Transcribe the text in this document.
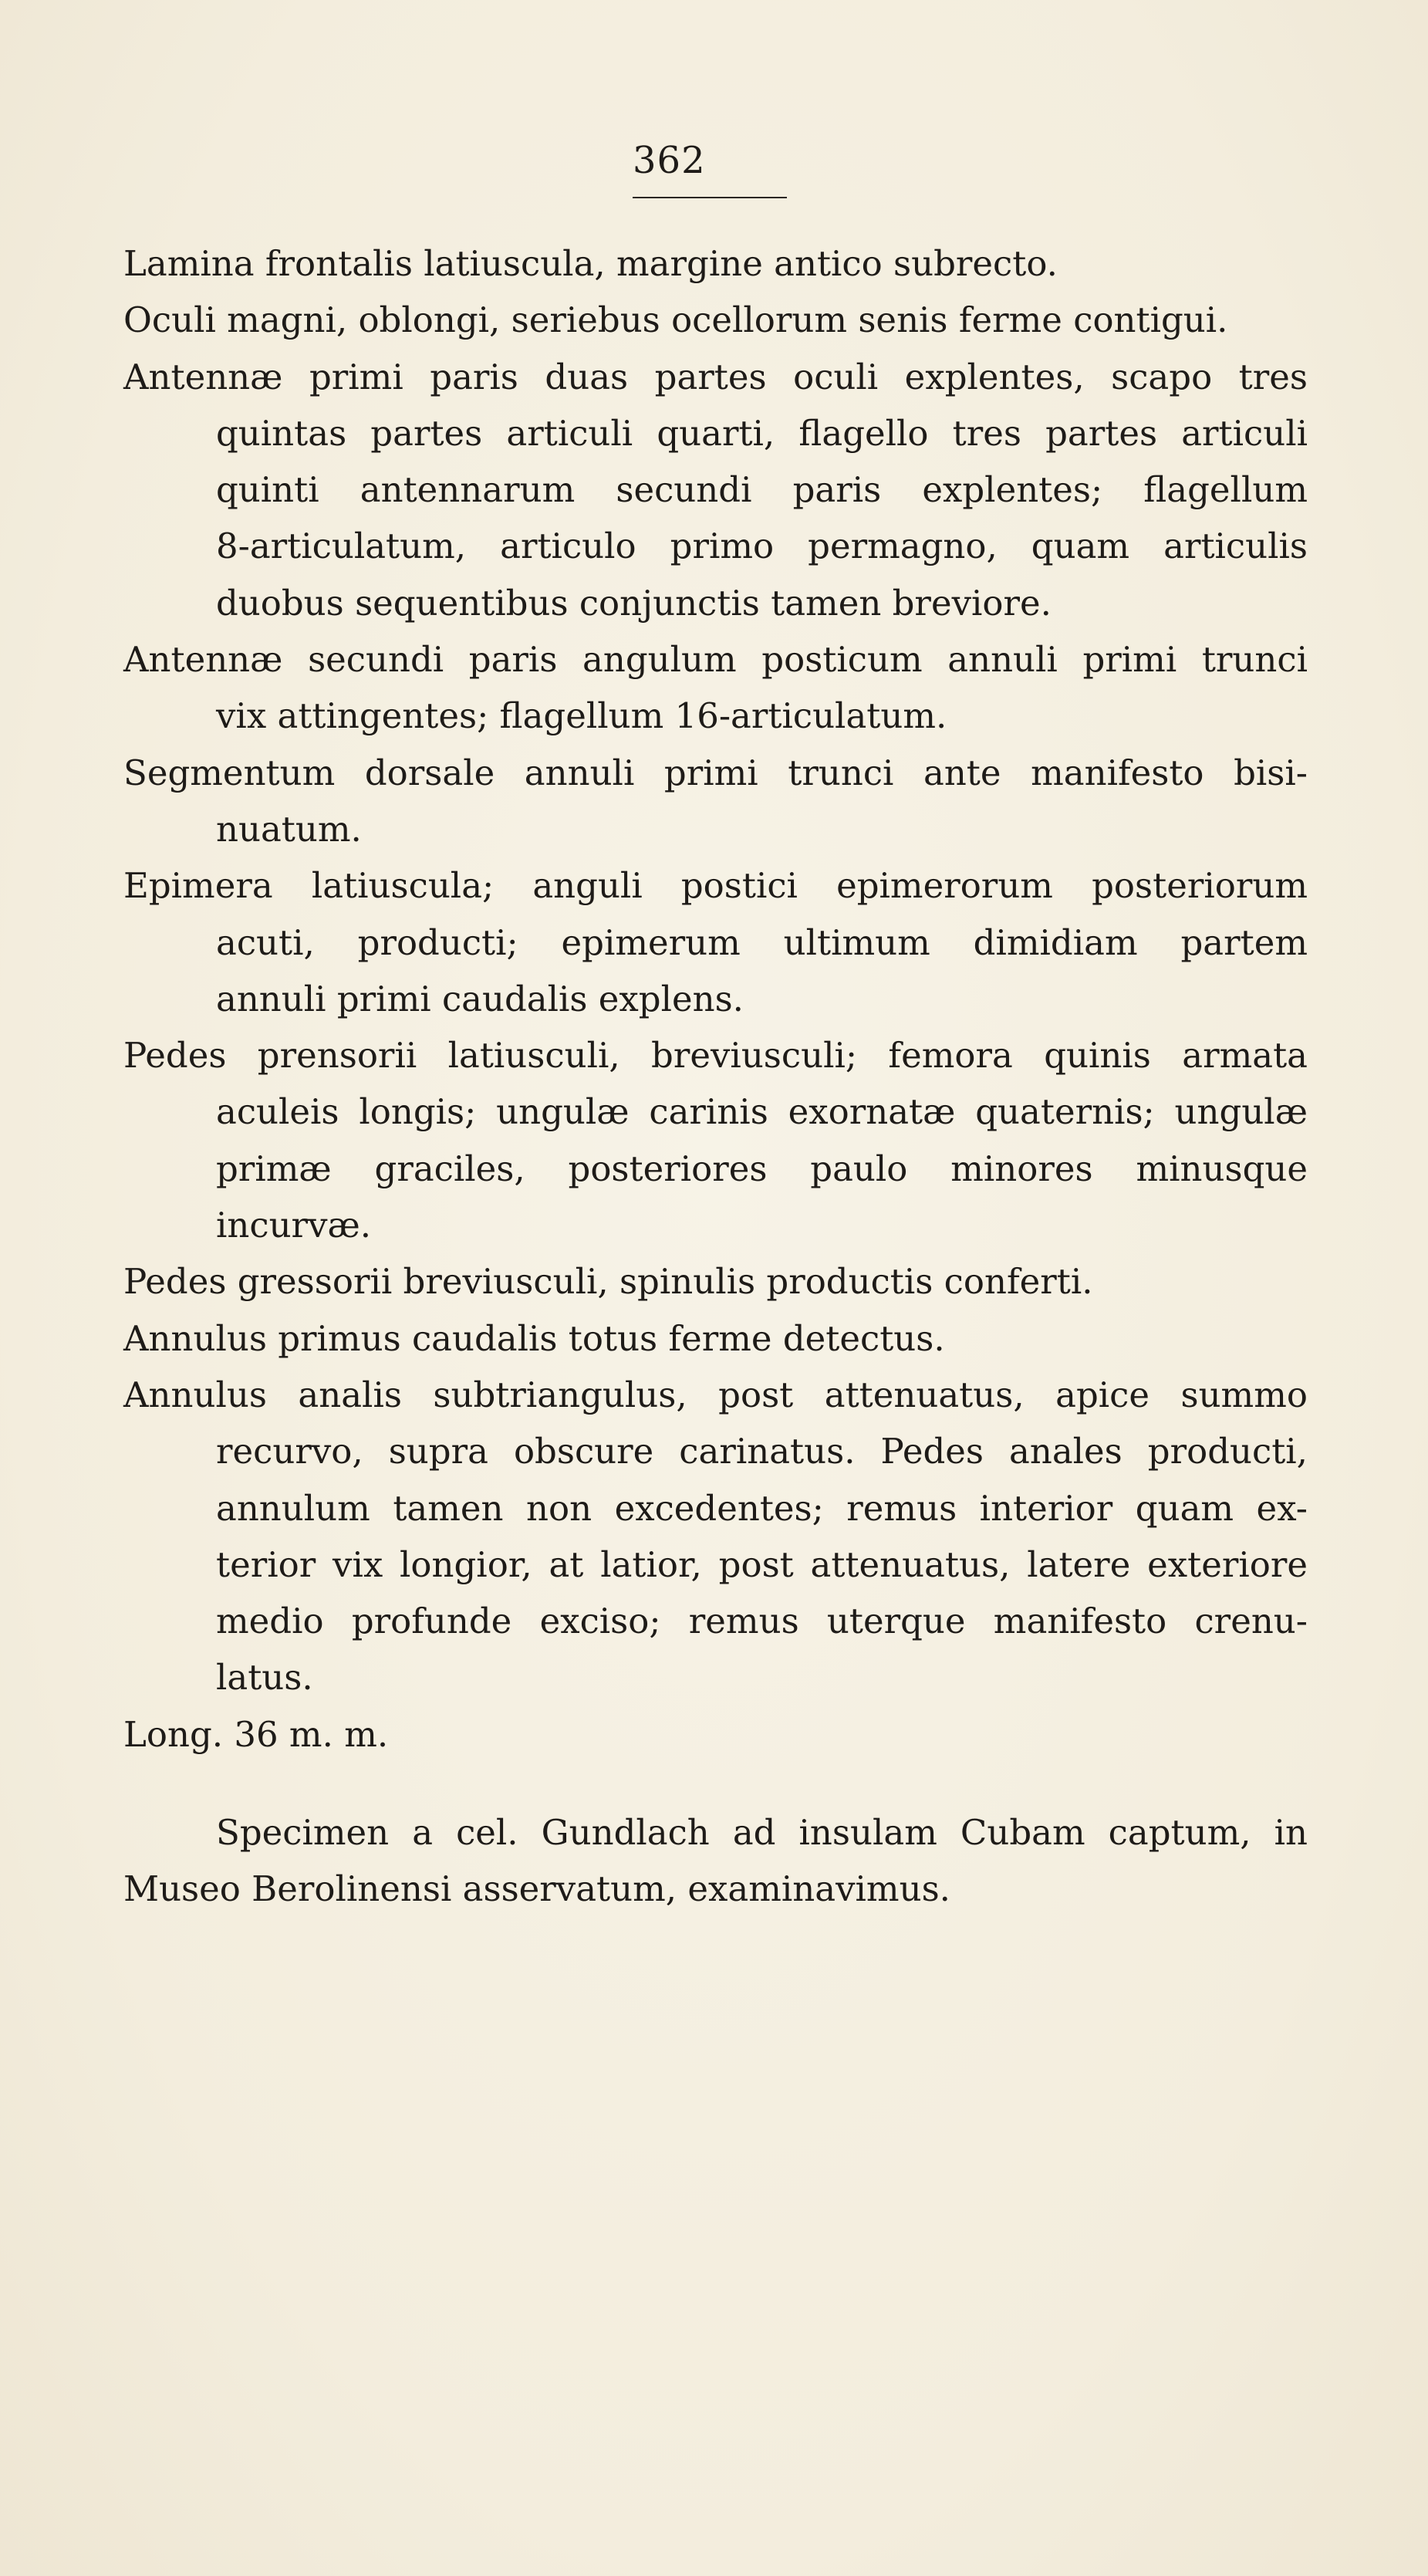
362
Lamina frontalis latiuscula, margine antico subrecto.
Oculi magni, oblongi, seriebus ocellorum senis ferme contigui.
Antennæ primi paris duas partes oculi explentes, scapo tres
quintas partes articuli quarti, flagello tres partes articuli
quinti antennarum secundi paris explentes; flagellum
8-articulatum, articulo primo permagno, quam articulis
duobus sequentibus conjunctis tamen breviore.
Antennæ secundi paris angulum posticum annuli primi trunci
vix attingentes; flagellum 16-articulatum.
Segmentum dorsale annuli primi trunci ante manifesto bisi-
nuatum.
Epimera latiuscula; anguli postici epimerorum posteriorum
acuti, producti; epimerum ultimum dimidiam partem
annuli primi caudalis explens.
Pedes prensorii latiusculi, breviusculi; femora quinis armata
aculeis longis; ungulæ carinis exornatæ quaternis; ungulæ
primæ graciles, posteriores paulo minores minusque
incurvæ.
Pedes gressorii breviusculi, spinulis productis conferti.
Annulus primus caudalis totus ferme detectus.
Annulus analis subtriangulus, post attenuatus, apice summo
recurvo, supra obscure carinatus. Pedes anales producti,
annulum tamen non excedentes; remus interior quam ex-
terior vix longior, at latior, post attenuatus, latere exteriore
medio profunde exciso; remus uterque manifesto crenu-
latus.
Long. 36 m. m.
Specimen a cel. Gundlach ad insulam Cubam captum, in
Museo Berolinensi asservatum, examinavimus.
